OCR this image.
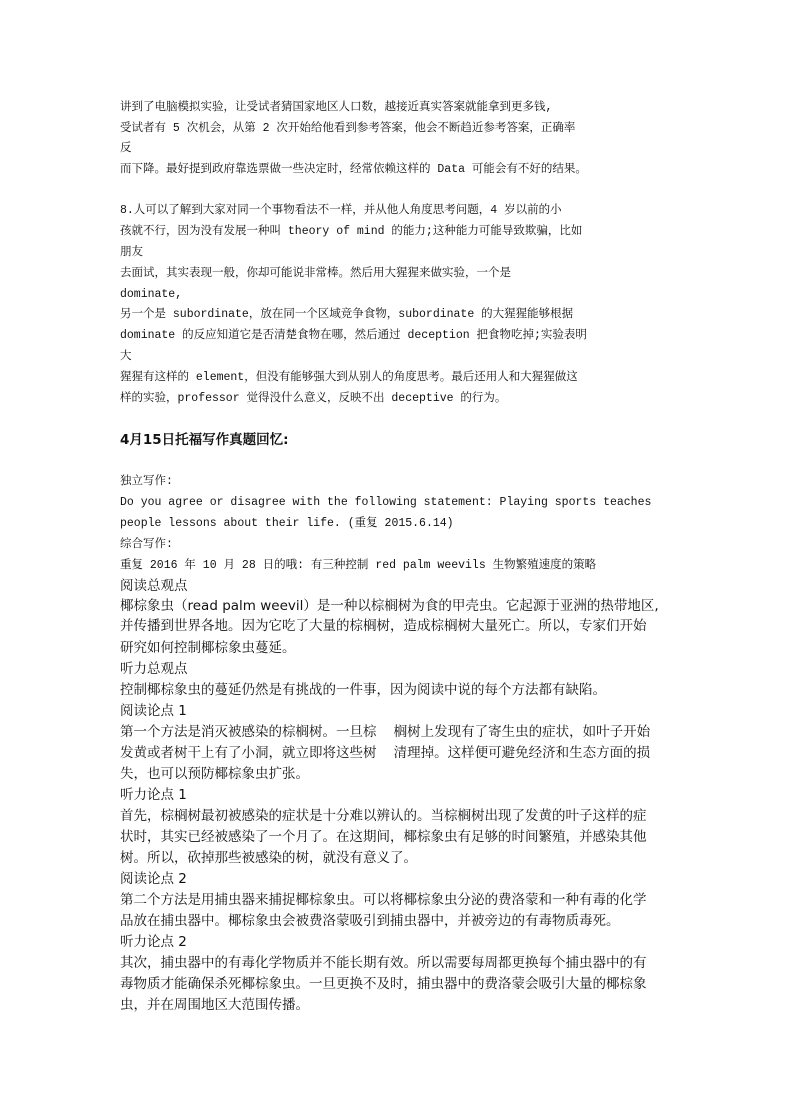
讲到了电脑模拟实验，让受试者猜国家地区人口数，越接近真实答案就能拿到更多钱,
受试者有 5 次机会，从第 2 次开始给他看到参考答案，他会不断趋近参考答案，正确率
反
而下降。最好提到政府靠选票做一些决定时，经常依赖这样的 Data 可能会有不好的结果。
8.人可以了解到大家对同一个事物看法不一样，并从他人角度思考问题，4 岁以前的小
孩就不行，因为没有发展一种叫 theory of mind 的能力;这种能力可能导致欺骗，比如
朋友
去面试，其实表现一般，你却可能说非常棒。然后用大猩猩来做实验，一个是
dominate,
另一个是 subordinate，放在同一个区域竞争食物，subordinate 的大猩猩能够根据
dominate 的反应知道它是否清楚食物在哪，然后通过 deception 把食物吃掉;实验表明
大
猩猩有这样的 element，但没有能够强大到从别人的角度思考。最后还用人和大猩猩做这
样的实验，professor 觉得没什么意义，反映不出 deceptive 的行为。
4月15日托福写作真题回忆:
独立写作:
Do you agree or disagree with the following statement: Playing sports teaches
people lessons about their life. (重复 2015.6.14)
综合写作:
重复 2016 年 10 月 28 日的哦: 有三种控制 red palm weevils 生物繁殖速度的策略
阅读总观点
椰棕象虫（read palm weevil）是一种以棕榈树为食的甲壳虫。它起源于亚洲的热带地区,
并传播到世界各地。因为它吃了大量的棕榈树，造成棕榈树大量死亡。所以，专家们开始
研究如何控制椰棕象虫蔓延。
听力总观点
控制椰棕象虫的蔓延仍然是有挑战的一件事，因为阅读中说的每个方法都有缺陷。
阅读论点 1
第一个方法是消灭被感染的棕榈树。一旦棕    榈树上发现有了寄生虫的症状，如叶子开始
发黄或者树干上有了小洞，就立即将这些树    清理掉。这样便可避免经济和生态方面的损
失，也可以预防椰棕象虫扩张。
听力论点 1
首先，棕榈树最初被感染的症状是十分难以辨认的。当棕榈树出现了发黄的叶子这样的症
状时，其实已经被感染了一个月了。在这期间，椰棕象虫有足够的时间繁殖，并感染其他
树。所以，砍掉那些被感染的树，就没有意义了。
阅读论点 2
第二个方法是用捕虫器来捕捉椰棕象虫。可以将椰棕象虫分泌的费洛蒙和一种有毒的化学
品放在捕虫器中。椰棕象虫会被费洛蒙吸引到捕虫器中，并被旁边的有毒物质毒死。
听力论点 2
其次，捕虫器中的有毒化学物质并不能长期有效。所以需要每周都更换每个捕虫器中的有
毒物质才能确保杀死椰棕象虫。一旦更换不及时，捕虫器中的费洛蒙会吸引大量的椰棕象
虫，并在周围地区大范围传播。
